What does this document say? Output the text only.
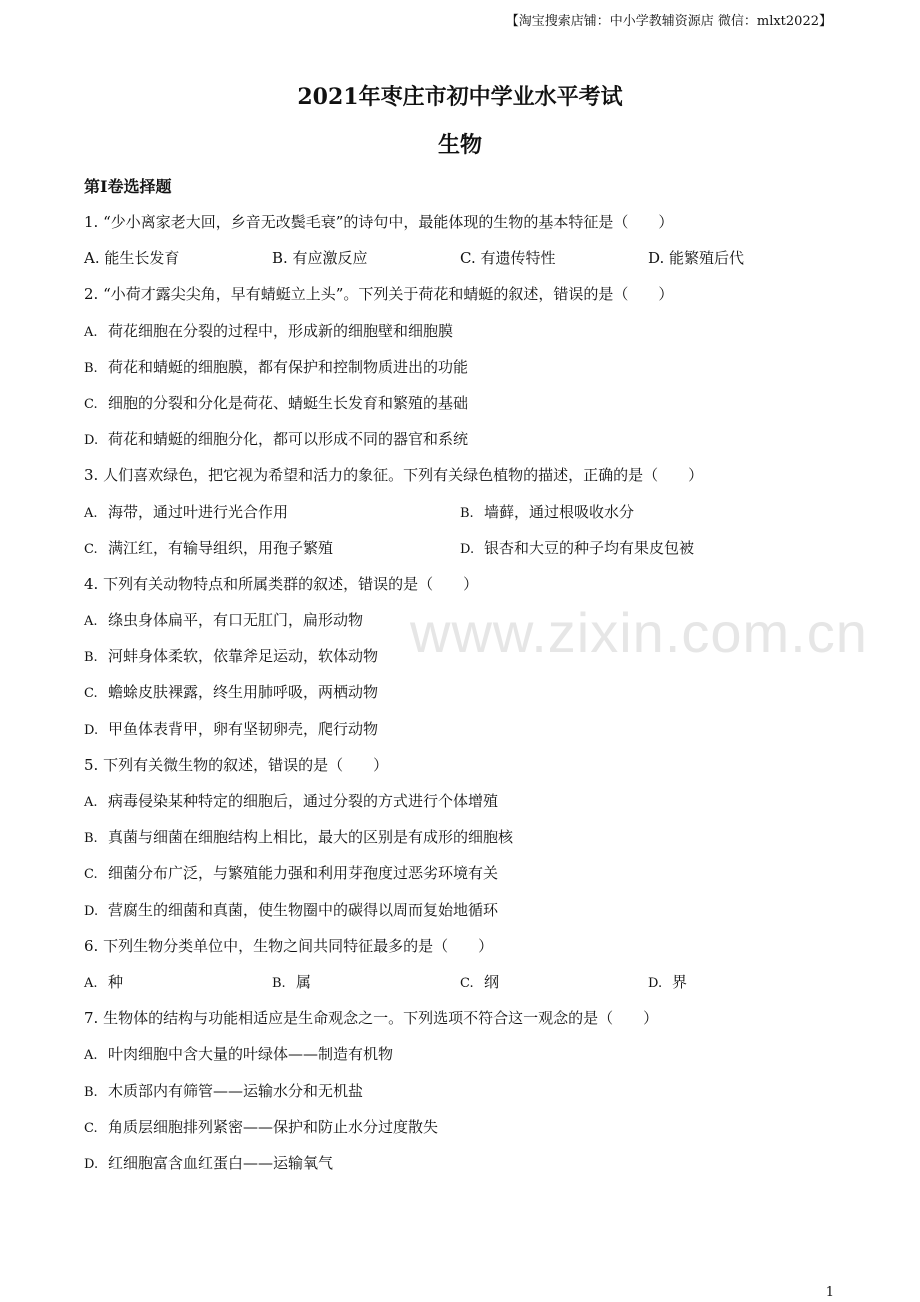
【淘宝搜索店铺：中小学教辅资源店 微信：mlxt2022】
2021年枣庄市初中学业水平考试
生物
第Ⅰ卷选择题
www.zixin.com.cn
1. “少小离家老大回，乡音无改鬓毛衰”的诗句中，最能体现的生物的基本特征是（　　）
A. 能生长发育	B. 有应激反应	C. 有遗传特性	D. 能繁殖后代
2. “小荷才露尖尖角，早有蜻蜓立上头”。下列关于荷花和蜻蜓的叙述，错误的是（　　）
A. 荷花细胞在分裂的过程中，形成新的细胞壁和细胞膜
B. 荷花和蜻蜓的细胞膜，都有保护和控制物质进出的功能
C. 细胞的分裂和分化是荷花、蜻蜓生长发育和繁殖的基础
D. 荷花和蜻蜓的细胞分化，都可以形成不同的器官和系统
3. 人们喜欢绿色，把它视为希望和活力的象征。下列有关绿色植物的描述，正确的是（　　）
A. 海带，通过叶进行光合作用	B. 墙藓，通过根吸收水分
C. 满江红，有输导组织，用孢子繁殖	D. 银杏和大豆的种子均有果皮包被
4. 下列有关动物特点和所属类群的叙述，错误的是（　　）
A. 绦虫身体扁平，有口无肛门，扁形动物
B. 河蚌身体柔软，依靠斧足运动，软体动物
C. 蟾蜍皮肤裸露，终生用肺呼吸，两栖动物
D. 甲鱼体表背甲，卵有坚韧卵壳，爬行动物
5. 下列有关微生物的叙述，错误的是（　　）
A. 病毒侵染某种特定的细胞后，通过分裂的方式进行个体增殖
B. 真菌与细菌在细胞结构上相比，最大的区别是有成形的细胞核
C. 细菌分布广泛，与繁殖能力强和利用芽孢度过恶劣环境有关
D. 营腐生的细菌和真菌，使生物圈中的碳得以周而复始地循环
6. 下列生物分类单位中，生物之间共同特征最多的是（　　）
A. 种	B. 属	C. 纲	D. 界
7. 生物体的结构与功能相适应是生命观念之一。下列选项不符合这一观念的是（　　）
A. 叶肉细胞中含大量的叶绿体——制造有机物
B. 木质部内有筛管——运输水分和无机盐
C. 角质层细胞排列紧密——保护和防止水分过度散失
D. 红细胞富含血红蛋白——运输氧气
1
